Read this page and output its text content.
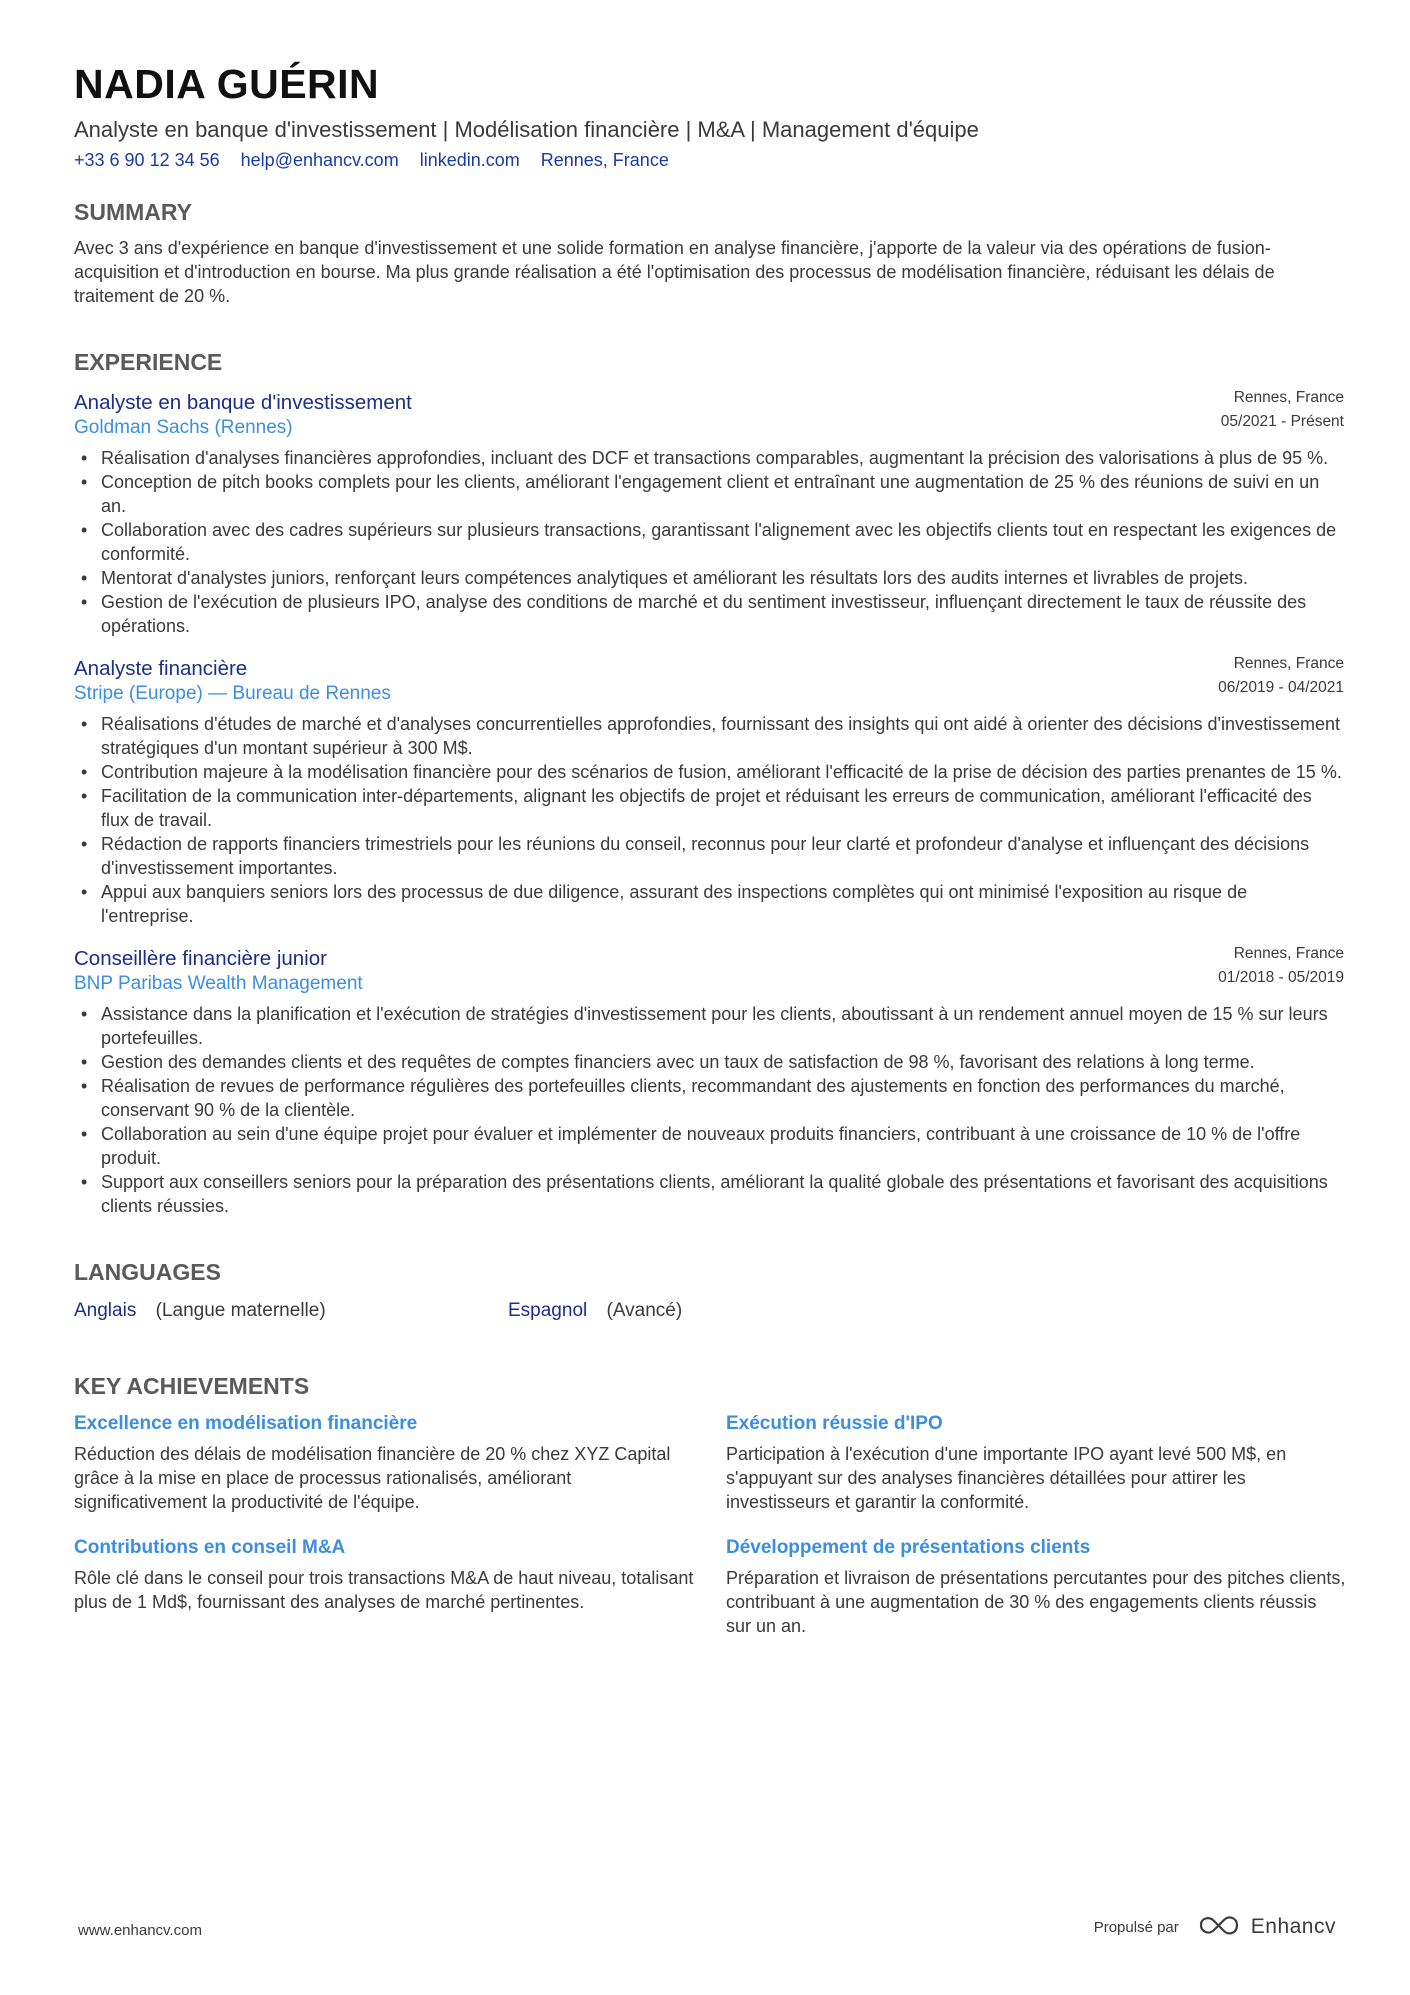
NADIA GUÉRIN
Analyste en banque d'investissement | Modélisation financière | M&A | Management d'équipe
+33 6 90 12 34 56 help@enhancv.com linkedin.com Rennes, France
SUMMARY
Avec 3 ans d'expérience en banque d'investissement et une solide formation en analyse financière, j'apporte de la valeur via des opérations de fusion-acquisition et d'introduction en bourse. Ma plus grande réalisation a été l'optimisation des processus de modélisation financière, réduisant les délais de traitement de 20 %.
EXPERIENCE
Analyste en banque d'investissement
Goldman Sachs (Rennes)
Rennes, France
05/2021 - Présent
• Réalisation d'analyses financières approfondies, incluant des DCF et transactions comparables, augmentant la précision des valorisations à plus de 95 %.
• Conception de pitch books complets pour les clients, améliorant l'engagement client et entraînant une augmentation de 25 % des réunions de suivi en un an.
• Collaboration avec des cadres supérieurs sur plusieurs transactions, garantissant l'alignement avec les objectifs clients tout en respectant les exigences de conformité.
• Mentorat d'analystes juniors, renforçant leurs compétences analytiques et améliorant les résultats lors des audits internes et livrables de projets.
• Gestion de l'exécution de plusieurs IPO, analyse des conditions de marché et du sentiment investisseur, influençant directement le taux de réussite des opérations.
Analyste financière
Stripe (Europe) — Bureau de Rennes
Rennes, France
06/2019 - 04/2021
• Réalisations d'études de marché et d'analyses concurrentielles approfondies, fournissant des insights qui ont aidé à orienter des décisions d'investissement stratégiques d'un montant supérieur à 300 M$.
• Contribution majeure à la modélisation financière pour des scénarios de fusion, améliorant l'efficacité de la prise de décision des parties prenantes de 15 %.
• Facilitation de la communication inter-départements, alignant les objectifs de projet et réduisant les erreurs de communication, améliorant l'efficacité des flux de travail.
• Rédaction de rapports financiers trimestriels pour les réunions du conseil, reconnus pour leur clarté et profondeur d'analyse et influençant des décisions d'investissement importantes.
• Appui aux banquiers seniors lors des processus de due diligence, assurant des inspections complètes qui ont minimisé l'exposition au risque de l'entreprise.
Conseillère financière junior
BNP Paribas Wealth Management
Rennes, France
01/2018 - 05/2019
• Assistance dans la planification et l'exécution de stratégies d'investissement pour les clients, aboutissant à un rendement annuel moyen de 15 % sur leurs portefeuilles.
• Gestion des demandes clients et des requêtes de comptes financiers avec un taux de satisfaction de 98 %, favorisant des relations à long terme.
• Réalisation de revues de performance régulières des portefeuilles clients, recommandant des ajustements en fonction des performances du marché, conservant 90 % de la clientèle.
• Collaboration au sein d'une équipe projet pour évaluer et implémenter de nouveaux produits financiers, contribuant à une croissance de 10 % de l'offre produit.
• Support aux conseillers seniors pour la préparation des présentations clients, améliorant la qualité globale des présentations et favorisant des acquisitions clients réussies.
LANGUAGES
Anglais (Langue maternelle)	Espagnol (Avancé)
KEY ACHIEVEMENTS
Excellence en modélisation financière
Réduction des délais de modélisation financière de 20 % chez XYZ Capital grâce à la mise en place de processus rationalisés, améliorant significativement la productivité de l'équipe.
Exécution réussie d'IPO
Participation à l'exécution d'une importante IPO ayant levé 500 M$, en s'appuyant sur des analyses financières détaillées pour attirer les investisseurs et garantir la conformité.
Contributions en conseil M&A
Rôle clé dans le conseil pour trois transactions M&A de haut niveau, totalisant plus de 1 Md$, fournissant des analyses de marché pertinentes.
Développement de présentations clients
Préparation et livraison de présentations percutantes pour des pitches clients, contribuant à une augmentation de 30 % des engagements clients réussis sur un an.
www.enhancv.com	Propulsé par	Enhancv
